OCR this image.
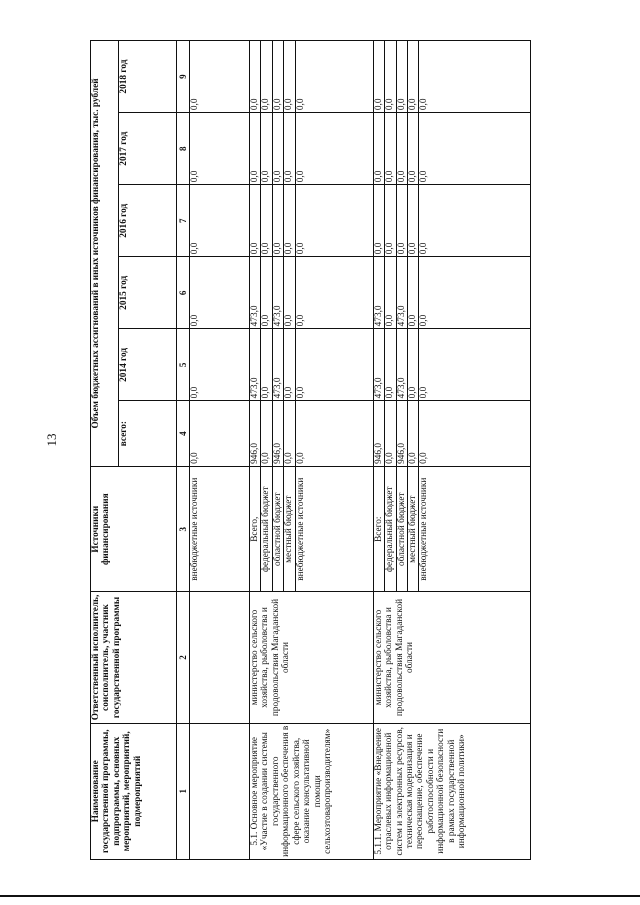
13
Наименование государственной программы, подпрограммы, основных мероприятий, мероприятий, подмероприятий	Ответственный исполнитель, соисполнитель, участник государственной программы	Источники финансирования	Объем бюджетных ассигнований в иных источников финансирования, тыс. рублей					
			всего:	2014 год	2015 год	2016 год	2017 год	2018 год
1	2	3	4	5	6	7	8	9
		внебюджетные источники	0,0	0,0	0,0	0,0	0,0	0,0
5.1. Основное мероприятие «Участие в создании системы государственного информационного обеспечения в сфере сельского хозяйства, оказание консультативной помощи сельхозтоваропроизводителям»	министерство сельского хозяйства, рыболовства и продовольствия Магаданской области	Всего,	946,0	473,0	473,0	0,0	0,0	0,0
		федеральный бюджет	0,0	0,0	0,0	0,0	0,0	0,0
		областной бюджет	946,0	473,0	473,0	0,0	0,0	0,0
		местный бюджет	0,0	0,0	0,0	0,0	0,0	0,0
		внебюджетные источники	0,0	0,0	0,0	0,0	0,0	0,0
5.1.1. Мероприятие «Внедрение отраслевых информационной систем и электронных ресурсов, техническая модернизация и переоснащение, обеспечение работоспособности и информационной безопасности в рамках государственной информационной политики»	министерство сельского хозяйства, рыболовства и продовольствия Магаданской области	Всего:	946,0	473,0	473,0	0,0	0,0	0,0
		федеральный бюджет	0,0	0,0	0,0	0,0	0,0	0,0
		областной бюджет	946,0	473,0	473,0	0,0	0,0	0,0
		местный бюджет	0,0	0,0	0,0	0,0	0,0	0,0
		внебюджетные источники	0,0	0,0	0,0	0,0	0,0	0,0
